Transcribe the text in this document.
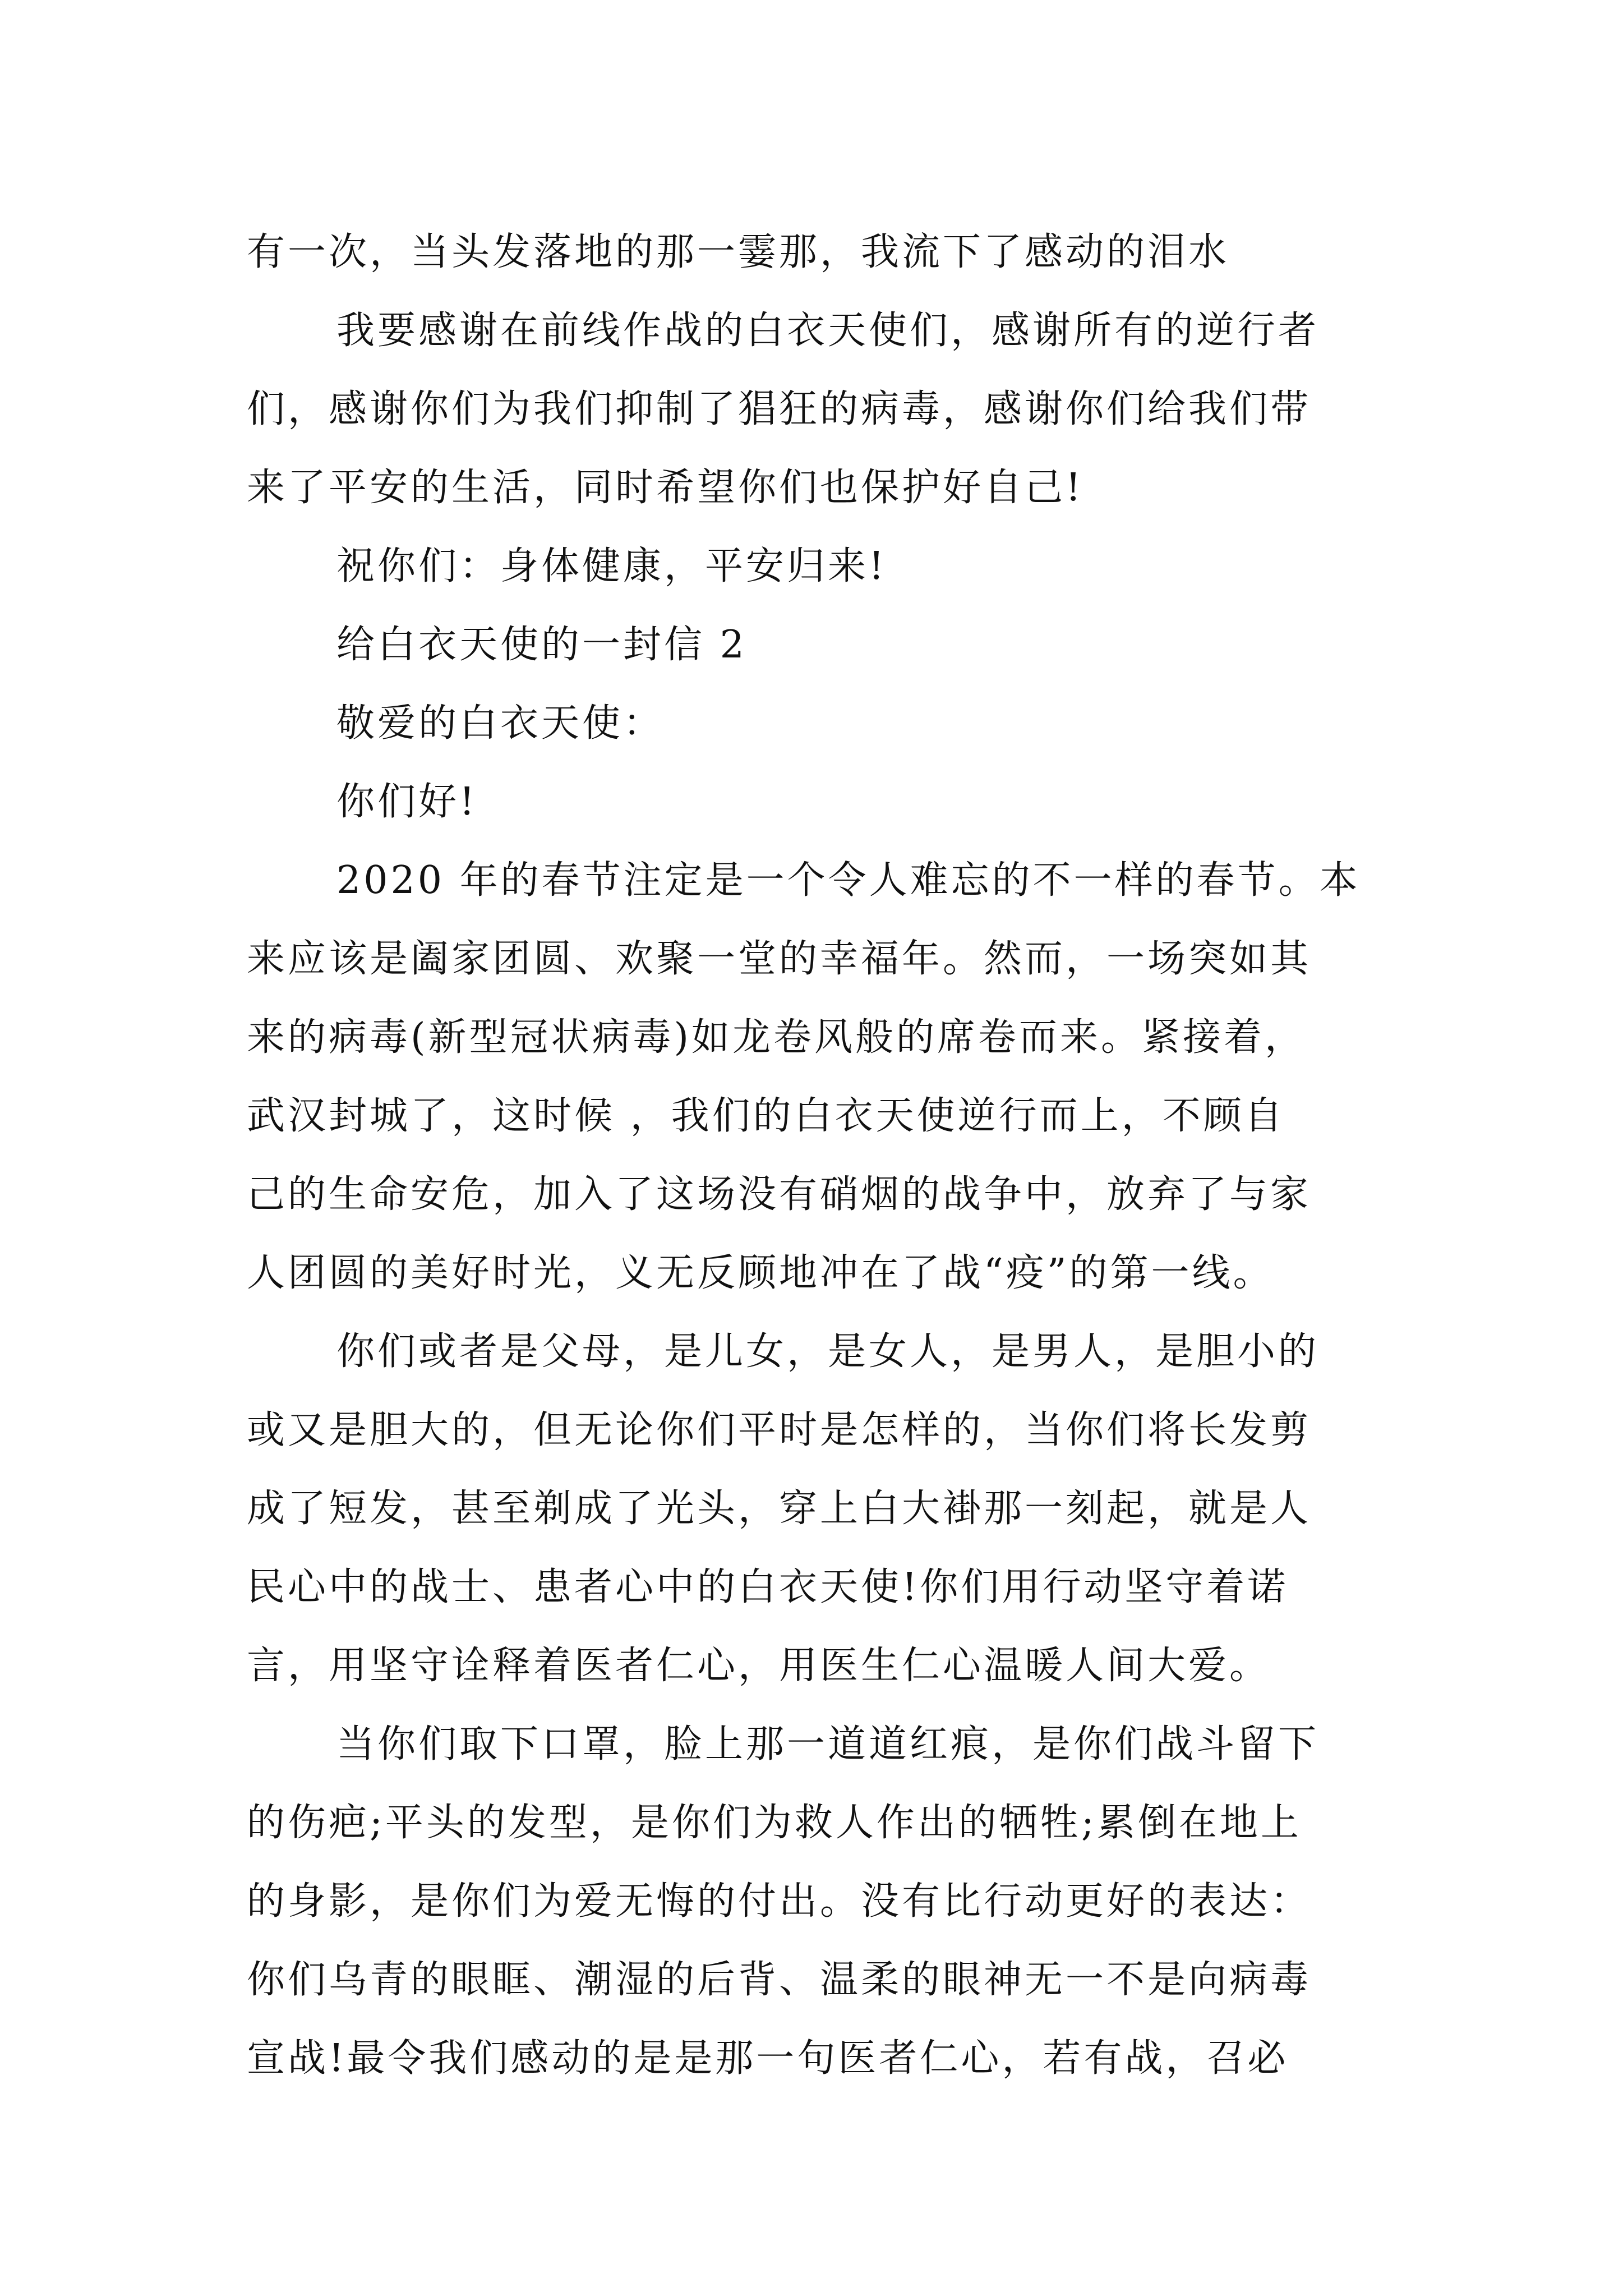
有一次，当头发落地的那一霎那，我流下了感动的泪水
我要感谢在前线作战的白衣天使们，感谢所有的逆行者
们，感谢你们为我们抑制了猖狂的病毒，感谢你们给我们带
来了平安的生活，同时希望你们也保护好自己!
祝你们：身体健康，平安归来!
给白衣天使的一封信 2
敬爱的白衣天使：
你们好!
2020 年的春节注定是一个令人难忘的不一样的春节。本
来应该是阖家团圆、欢聚一堂的幸福年。然而，一场突如其
来的病毒(新型冠状病毒)如龙卷风般的席卷而来。紧接着，
武汉封城了，这时候 ，我们的白衣天使逆行而上，不顾自
己的生命安危，加入了这场没有硝烟的战争中，放弃了与家
人团圆的美好时光，义无反顾地冲在了战“疫”的第一线。
你们或者是父母，是儿女，是女人，是男人，是胆小的
或又是胆大的，但无论你们平时是怎样的，当你们将长发剪
成了短发，甚至剃成了光头，穿上白大褂那一刻起，就是人
民心中的战士、患者心中的白衣天使!你们用行动坚守着诺
言，用坚守诠释着医者仁心，用医生仁心温暖人间大爱。
当你们取下口罩，脸上那一道道红痕，是你们战斗留下
的伤疤;平头的发型，是你们为救人作出的牺牲;累倒在地上
的身影，是你们为爱无悔的付出。没有比行动更好的表达：
你们乌青的眼眶、潮湿的后背、温柔的眼神无一不是向病毒
宣战!最令我们感动的是是那一句医者仁心，若有战，召必
